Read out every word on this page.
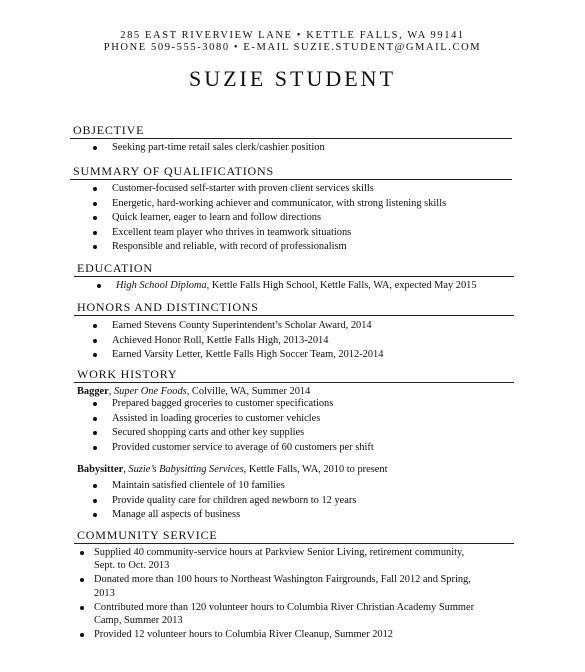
285 EAST RIVERVIEW LANE • KETTLE FALLS, WA 99141
PHONE 509-555-3080 • E-MAIL SUZIE.STUDENT@GMAIL.COM
SUZIE STUDENT
OBJECTIVE
Seeking part-time retail sales clerk/cashier position
SUMMARY OF QUALIFICATIONS
Customer-focused self-starter with proven client services skills
Energetic, hard-working achiever and communicator, with strong listening skills
Quick learner, eager to learn and follow directions
Excellent team player who thrives in teamwork situations
Responsible and reliable, with record of professionalism
EDUCATION
High School Diploma, Kettle Falls High School, Kettle Falls, WA, expected May 2015
HONORS AND DISTINCTIONS
Earned Stevens County Superintendent’s Scholar Award, 2014
Achieved Honor Roll, Kettle Falls High, 2013-2014
Earned Varsity Letter, Kettle Falls High Soccer Team, 2012-2014
WORK HISTORY
Bagger, Super One Foods, Colville, WA, Summer 2014
Prepared bagged groceries to customer specifications
Assisted in loading groceries to customer vehicles
Secured shopping carts and other key supplies
Provided customer service to average of 60 customers per shift
Babysitter, Suzie’s Babysitting Services, Kettle Falls, WA, 2010 to present
Maintain satisfied clientele of 10 families
Provide quality care for children aged newborn to 12 years
Manage all aspects of business
COMMUNITY SERVICE
Supplied 40 community-service hours at Parkview Senior Living, retirement community,
Sept. to Oct. 2013
Donated more than 100 hours to Northeast Washington Fairgrounds, Fall 2012 and Spring,
2013
Contributed more than 120 volunteer hours to Columbia River Christian Academy Summer
Camp, Summer 2013
Provided 12 volunteer hours to Columbia River Cleanup, Summer 2012
